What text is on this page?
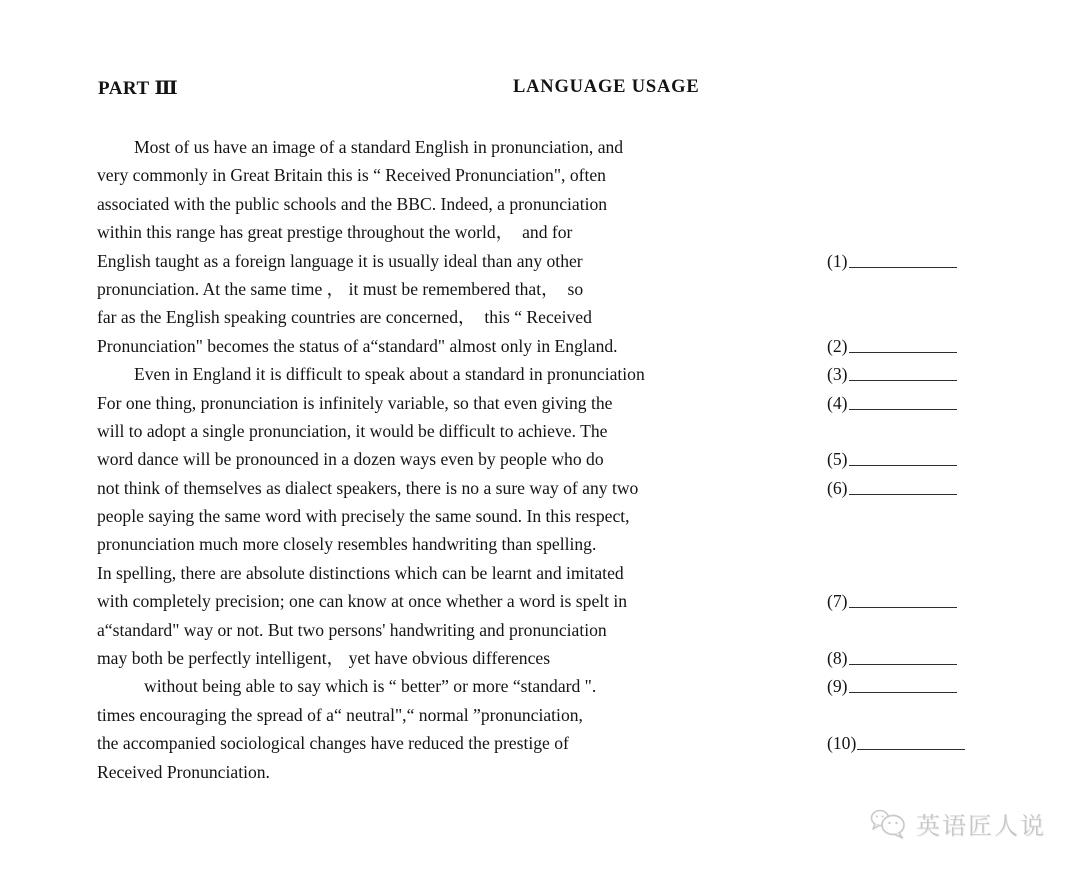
PART Ⅲ	LANGUAGE USAGE
Most of us have an image of a standard English in pronunciation, and
very commonly in Great Britain this is “ Received Pronunciation", often
associated with the public schools and the BBC. Indeed, a pronunciation
within this range has great prestige throughout the world，  and for
English taught as a foreign language it is usually ideal than any other	(1)
pronunciation. At the same time ， it must be remembered that，  so
far as the English speaking countries are concerned，  this “ Received
Pronunciation" becomes the status of a“standard" almost only in England.	(2)
Even in England it is difficult to speak about a standard in pronunciation	(3)
For one thing, pronunciation is infinitely variable, so that even giving the	(4)
will to adopt a single pronunciation, it would be difficult to achieve. The
word dance will be pronounced in a dozen ways even by people who do	(5)
not think of themselves as dialect speakers, there is no a sure way of any two	(6)
people saying the same word with precisely the same sound. In this respect,
pronunciation much more closely resembles handwriting than spelling.
In spelling, there are absolute distinctions which can be learnt and imitated
with completely precision; one can know at once whether a word is spelt in	(7)
a“standard" way or not. But two persons' handwriting and pronunciation
may both be perfectly intelligent， yet have obvious differences	(8)
without being able to say which is “ better” or more “standard ".	(9)
times encouraging the spread of a“ neutral",“ normal ”pronunciation,
the accompanied sociological changes have reduced the prestige of	(10)
Received Pronunciation.
英语匠人说
